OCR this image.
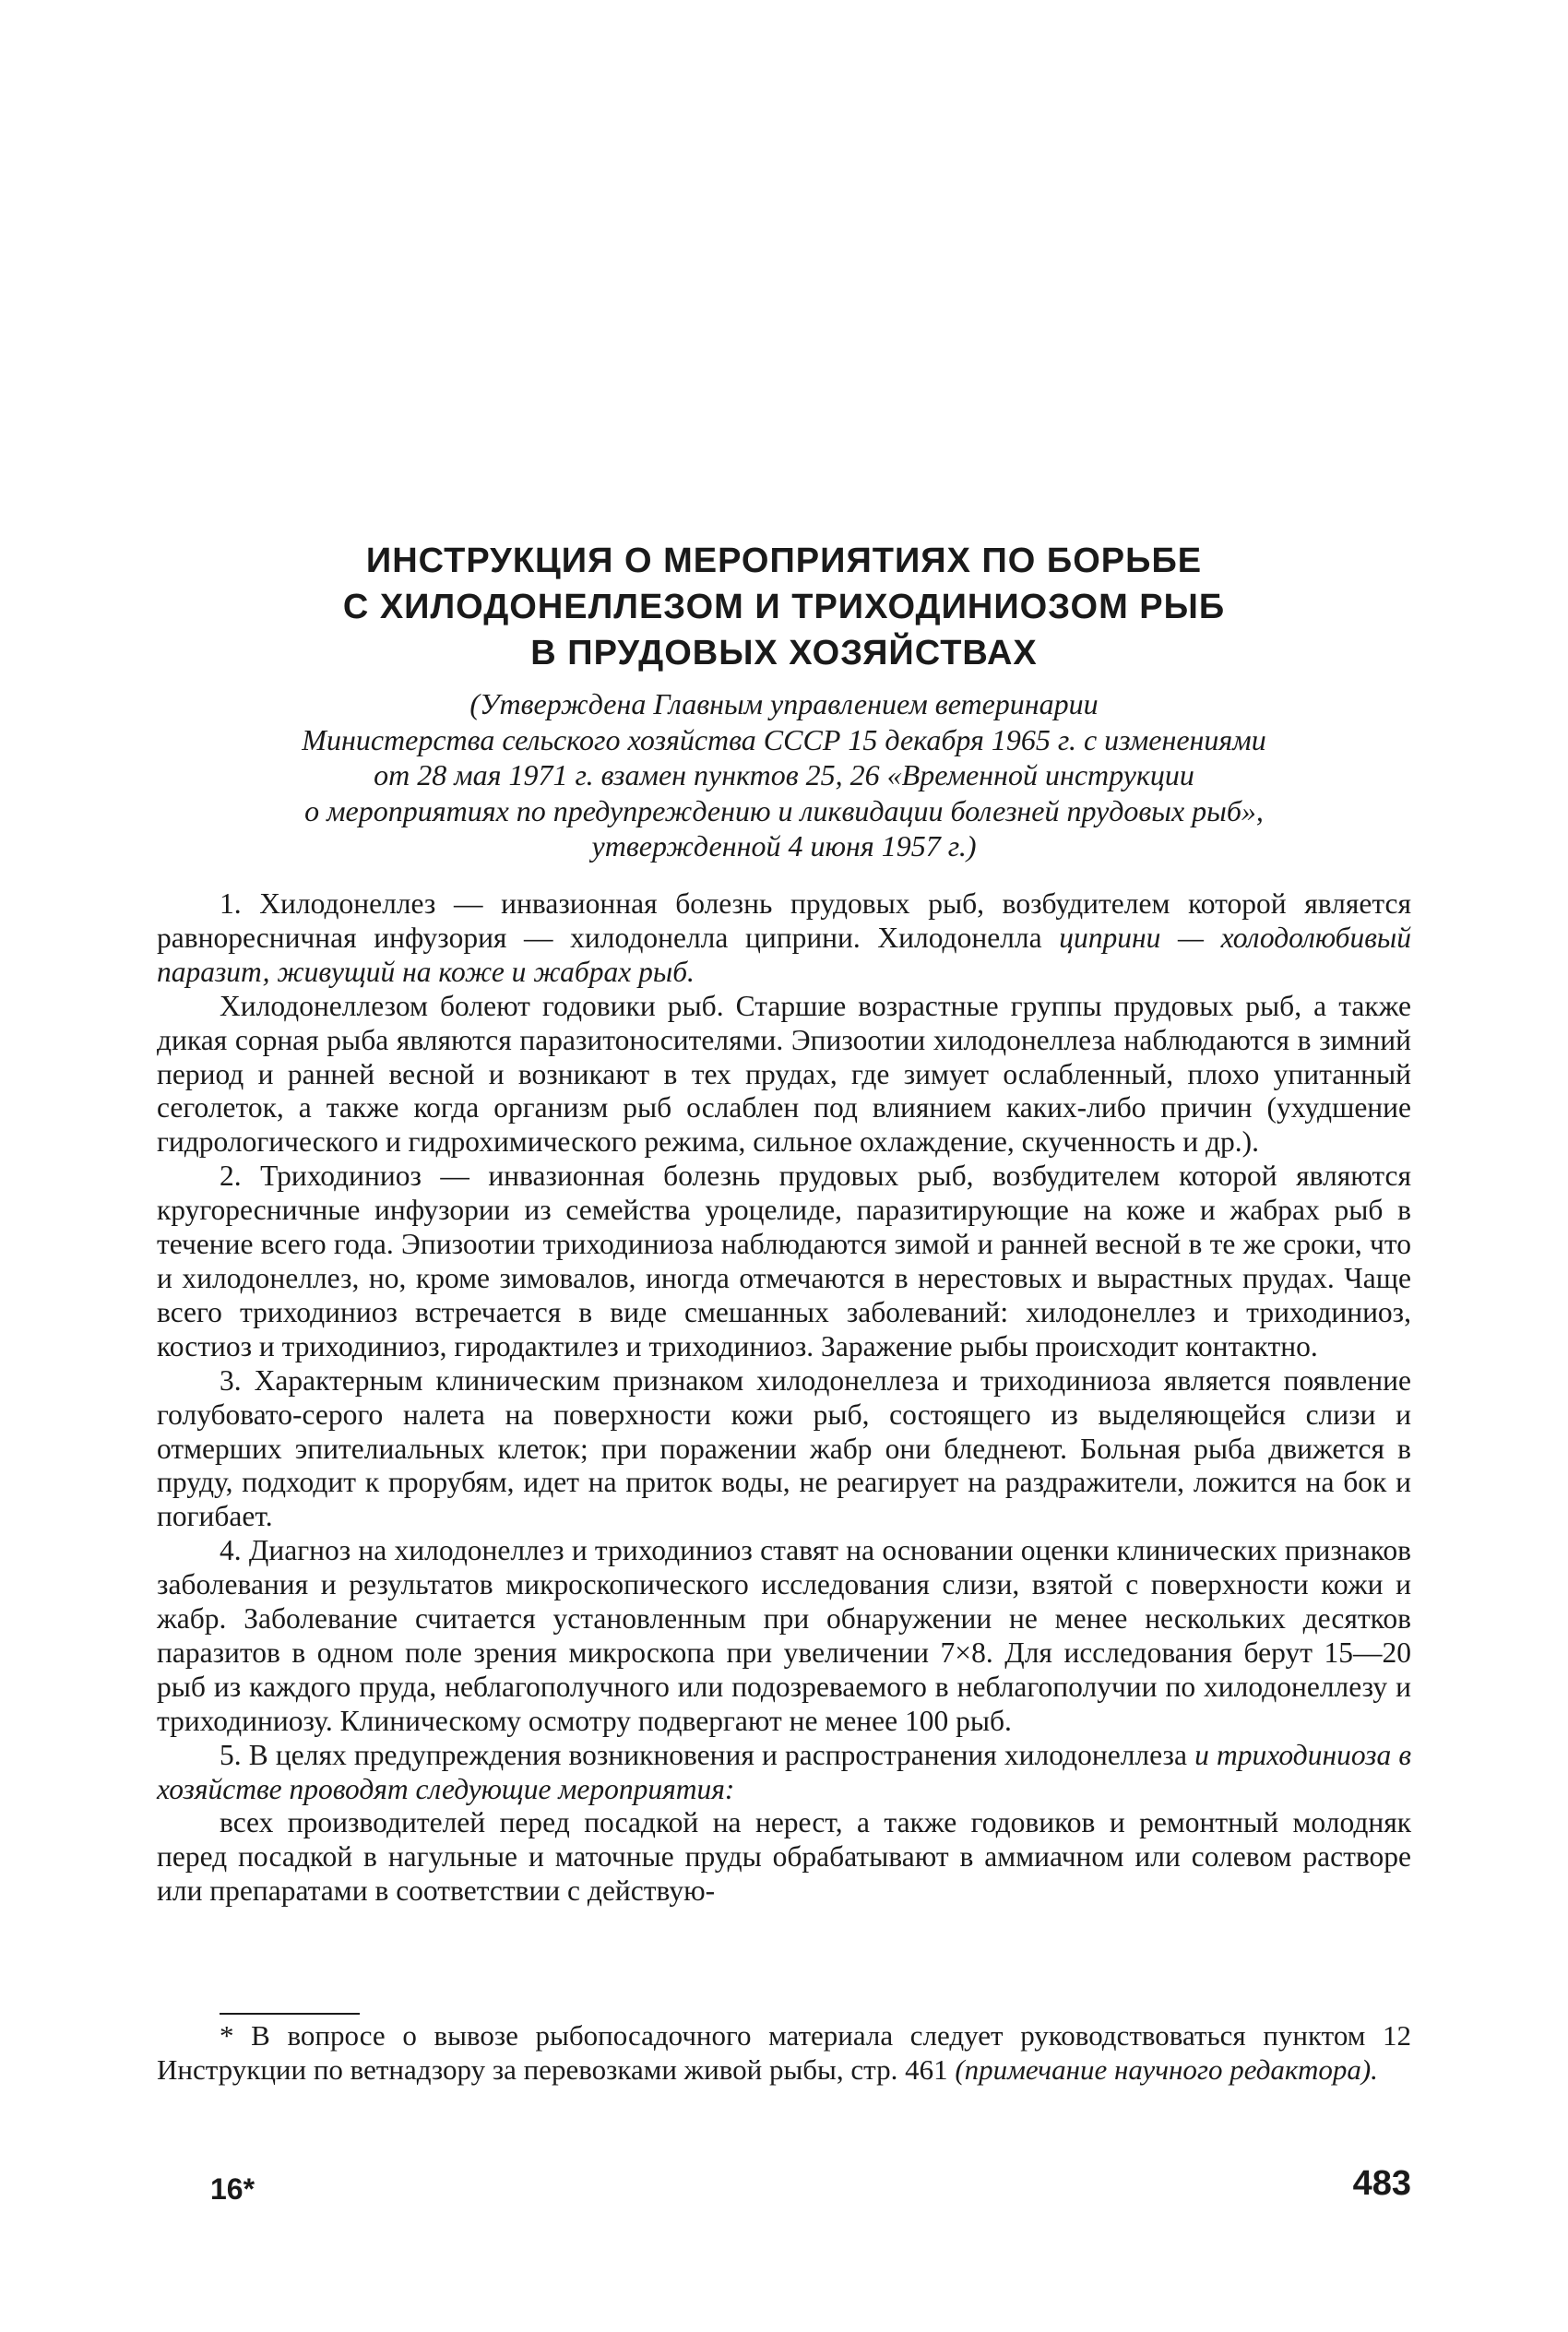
ИНСТРУКЦИЯ О МЕРОПРИЯТИЯХ ПО БОРЬБЕ
С ХИЛОДОНЕЛЛЕЗОМ И ТРИХОДИНИОЗОМ РЫБ
В ПРУДОВЫХ ХОЗЯЙСТВАХ
(Утверждена Главным управлением ветеринарии
Министерства сельского хозяйства СССР 15 декабря 1965 г. с изменениями
от 28 мая 1971 г. взамен пунктов 25, 26 «Временной инструкции
о мероприятиях по предупреждению и ликвидации болезней прудовых рыб»,
утвержденной 4 июня 1957 г.)

1. Хилодонеллез — инвазионная болезнь прудовых рыб, возбудителем которой является равноресничная инфузория — хилодонелла циприни. Хилодонелла циприни — холодолюбивый паразит, живущий на коже и жабрах рыб.

Хилодонеллезом болеют годовики рыб. Старшие возрастные группы прудовых рыб, а также дикая сорная рыба являются паразитоносителями. Эпизоотии хилодонеллеза наблюдаются в зимний период и ранней весной и возникают в тех прудах, где зимует ослабленный, плохо упитанный сеголеток, а также когда организм рыб ослаблен под влиянием каких-либо причин (ухудшение гидрологического и гидрохимического режима, сильное охлаждение, скученность и др.).

2. Триходиниоз — инвазионная болезнь прудовых рыб, возбудителем которой являются кругоресничные инфузории из семейства уроцелиде, паразитирующие на коже и жабрах рыб в течение всего года. Эпизоотии триходиниоза наблюдаются зимой и ранней весной в те же сроки, что и хилодонеллез, но, кроме зимовалов, иногда отмечаются в нерестовых и вырастных прудах. Чаще всего триходиниоз встречается в виде смешанных заболеваний: хилодонеллез и триходиниоз, костиоз и триходиниоз, гиродактилез и триходиниоз. Заражение рыбы происходит контактно.

3. Характерным клиническим признаком хилодонеллеза и триходиниоза является появление голубовато-серого налета на поверхности кожи рыб, состоящего из выделяющейся слизи и отмерших эпителиальных клеток; при поражении жабр они бледнеют. Больная рыба движется в пруду, подходит к прорубям, идет на приток воды, не реагирует на раздражители, ложится на бок и погибает.

4. Диагноз на хилодонеллез и триходиниоз ставят на основании оценки клинических признаков заболевания и результатов микроскопического исследования слизи, взятой с поверхности кожи и жабр. Заболевание считается установленным при обнаружении не менее нескольких десятков паразитов в одном поле зрения микроскопа при увеличении 7×8. Для исследования берут 15—20 рыб из каждого пруда, неблагополучного или подозреваемого в неблагополучии по хилодонеллезу и триходиниозу. Клиническому осмотру подвергают не менее 100 рыб.

5. В целях предупреждения возникновения и распространения хилодонеллеза и триходиниоза в хозяйстве проводят следующие мероприятия:

всех производителей перед посадкой на нерест, а также годовиков и ремонтный молодняк перед посадкой в нагульные и маточные пруды обрабатывают в аммиачном или солевом растворе или препаратами в соответствии с действую-

* В вопросе о вывозе рыбопосадочного материала следует руководствоваться пунктом 12 Инструкции по ветнадзору за перевозками живой рыбы, стр. 461 (примечание научного редактора).

16*	483
